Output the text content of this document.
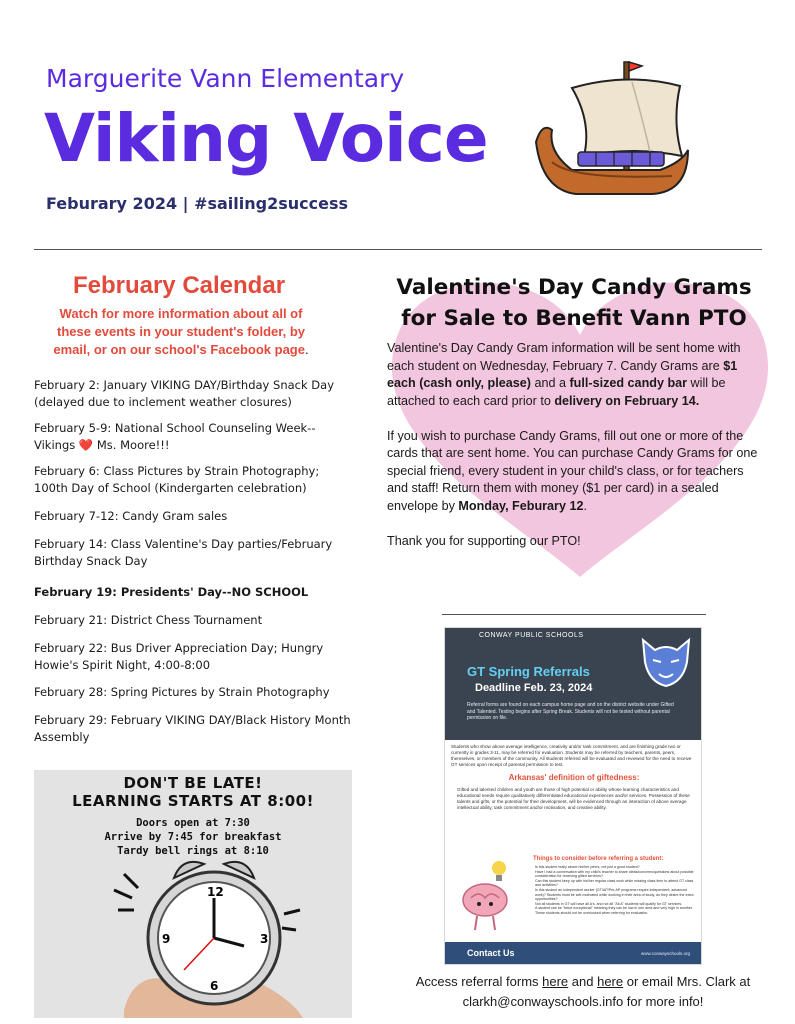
Marguerite Vann Elementary
Viking Voice
Feburary 2024 | #sailing2success
February Calendar
Watch for more information about all of these events in your student's folder, by email, or on our school's Facebook page.
February 2: January VIKING DAY/Birthday Snack Day (delayed due to inclement weather closures)
February 5-9: National School Counseling Week-- Vikings ❤️ Ms. Moore!!!
February 6: Class Pictures by Strain Photography; 100th Day of School (Kindergarten celebration)
February 7-12: Candy Gram sales
February 14: Class Valentine's Day parties/February Birthday Snack Day
February 19: Presidents' Day--NO SCHOOL
February 21: District Chess Tournament
February 22: Bus Driver Appreciation Day; Hungry Howie's Spirit Night, 4:00-8:00
February 28: Spring Pictures by Strain Photography
February 29: February VIKING DAY/Black History Month Assembly
DON'T BE LATE!
LEARNING STARTS AT 8:00!
Doors open at 7:30
Arrive by 7:45 for breakfast
Tardy bell rings at 8:10
12
3
6
9
Valentine's Day Candy Grams
for Sale to Benefit Vann PTO

Valentine's Day Candy Gram information will be sent home with each student on Wednesday, February 7. Candy Grams are $1 each (cash only, please) and a full-sized candy bar will be attached to each card prior to delivery on February 14.

If you wish to purchase Candy Grams, fill out one or more of the cards that are sent home. You can purchase Candy Grams for one special friend, every student in your child's class, or for teachers and staff! Return them with money ($1 per card) in a sealed envelope by Monday, Feburary 12.

Thank you for supporting our PTO!

CONWAY PUBLIC SCHOOLS
GT Spring Referrals
Deadline Feb. 23, 2024
Referral forms are found on each campus home page and on the district website under Gifted and Talented. Testing begins after Spring Break. Students will not be tested without parental permission on file.
Students who show above average intelligence, creativity and/or task commitment, and are finishing grade two or currently in grades 3-11, may be referred for evaluation. Students may be referred by teachers, parents, peers, themselves, or members of the community. All students referred will be evaluated and reviewed for the need to receive GT services upon receipt of parental permission to test.
Arkansas' definition of giftedness:
Gifted and talented children and youth are those of high potential or ability whose learning characteristics and educational needs require qualitatively differentiated educational experiences and/or services. Possession of these talents and gifts, or the potential for their development, will be evidenced through an interaction of above average intellectual ability, task commitment and/or motivation, and creative ability.
Things to consider before referring a student:
Is this student really above his/her peers, not just a good student?
Have I had a conversation with my child's teacher to share ideas/concerns/questions about possible consideration for receiving gifted services?
Can this student keep up with his/her regular class work while missing class time to attend GT class and activities?
Is this student an independent worker (GT/AP/Pre-AP programs require independent, advanced work)? Students must be self-motivated while working in their area of study, do they desire the extra opportunities?
Not all students in GT will have all A's, and not all "All A" students will qualify for GT services.
A student can be "twice exceptional" meaning they can be low in one area and very high in another. These students should not be overlooked when referring for evaluation.
Contact Us	www.conwayschools.org
Access referral forms here and here or email Mrs. Clark at clarkh@conwayschools.info for more info!
